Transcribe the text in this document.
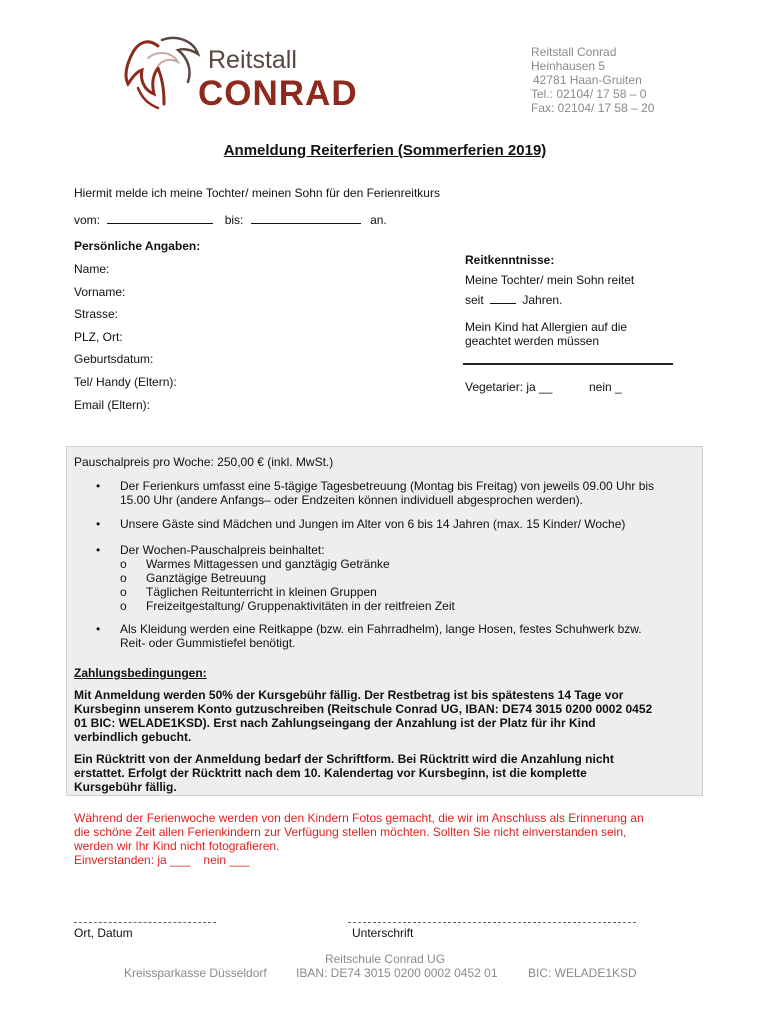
Reitstall
CONRAD
Reitstall Conrad
Heinhausen 5
42781 Haan-Gruiten
Tel.: 02104/ 17 58 – 0
Fax: 02104/ 17 58 – 20
Anmeldung Reiterferien (Sommerferien 2019)
Hiermit melde ich meine Tochter/ meinen Sohn für den Ferienreitkurs
vom:	bis:	an.
Persönliche Angaben:
Name:
Vorname:
Strasse:
PLZ, Ort:
Geburtsdatum:
Tel/ Handy (Eltern):
Email (Eltern):
Reitkenntnisse:
Meine Tochter/ mein Sohn reitet
seit	Jahren.
Mein Kind hat Allergien auf die
geachtet werden müssen
Vegetarier: ja __	nein _
Pauschalpreis pro Woche: 250,00 € (inkl. MwSt.)
• Der Ferienkurs umfasst eine 5-tägige Tagesbetreuung (Montag bis Freitag) von jeweils 09.00 Uhr bis
15.00 Uhr (andere Anfangs– oder Endzeiten können individuell abgesprochen werden).
• Unsere Gäste sind Mädchen und Jungen im Alter von 6 bis 14 Jahren (max. 15 Kinder/ Woche)
• Der Wochen-Pauschalpreis beinhaltet:
o Warmes Mittagessen und ganztägig Getränke
o Ganztägige Betreuung
o Täglichen Reitunterricht in kleinen Gruppen
o Freizeitgestaltung/ Gruppenaktivitäten in der reitfreien Zeit
• Als Kleidung werden eine Reitkappe (bzw. ein Fahrradhelm), lange Hosen, festes Schuhwerk bzw.
Reit- oder Gummistiefel benötigt.
Zahlungsbedingungen:
Mit Anmeldung werden 50% der Kursgebühr fällig. Der Restbetrag ist bis spätestens 14 Tage vor
Kursbeginn unserem Konto gutzuschreiben (Reitschule Conrad UG, IBAN: DE74 3015 0200 0002 0452
01 BIC: WELADE1KSD). Erst nach Zahlungseingang der Anzahlung ist der Platz für ihr Kind
verbindlich gebucht.
Ein Rücktritt von der Anmeldung bedarf der Schriftform. Bei Rücktritt wird die Anzahlung nicht
erstattet. Erfolgt der Rücktritt nach dem 10. Kalendertag vor Kursbeginn, ist die komplette
Kursgebühr fällig.
Während der Ferienwoche werden von den Kindern Fotos gemacht, die wir im Anschluss als Erinnerung an
die schöne Zeit allen Ferienkindern zur Verfügung stellen möchten. Sollten Sie nicht einverstanden sein,
werden wir Ihr Kind nicht fotografieren.
Einverstanden: ja ___    nein ___
Ort, Datum	Unterschrift
Reitschule Conrad UG
Kreissparkasse Düsseldorf IBAN: DE74 3015 0200 0002 0452 01	BIC: WELADE1KSD
